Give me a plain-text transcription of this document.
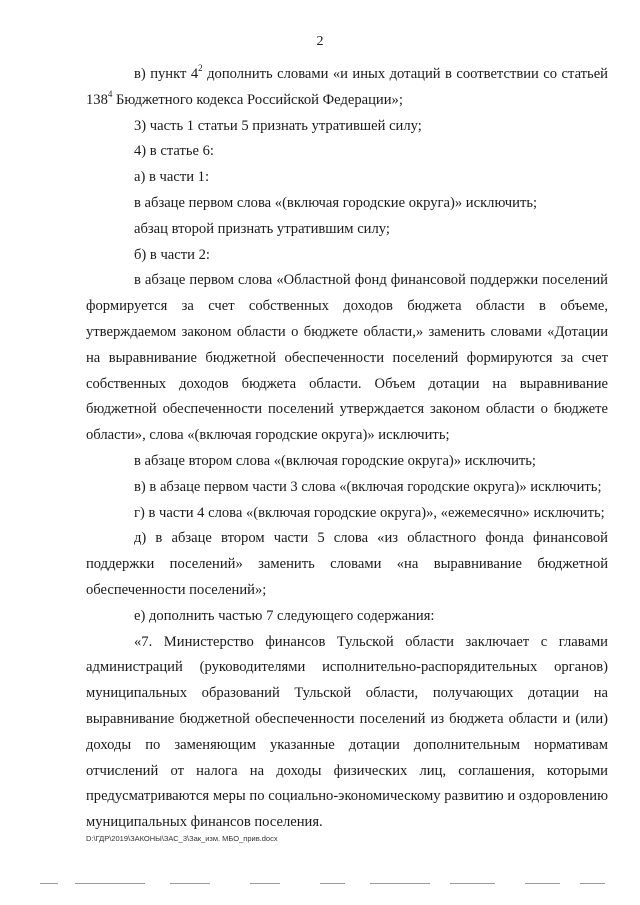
2

в) пункт $4^2$ дополнить словами «и иных дотаций в соответствии со статьей $138^4$ Бюджетного кодекса Российской Федерации»;

3) часть 1 статьи 5 признать утратившей силу;

4) в статье 6:

а) в части 1:

в абзаце первом слова «(включая городские округа)» исключить;

абзац второй признать утратившим силу;

б) в части 2:

в абзаце первом слова «Областной фонд финансовой поддержки поселений формируется за счет собственных доходов бюджета области в объеме, утверждаемом законом области о бюджете области,» заменить словами «Дотации на выравнивание бюджетной обеспеченности поселений формируются за счет собственных доходов бюджета области. Объем дотации на выравнивание бюджетной обеспеченности поселений утверждается законом области о бюджете области», слова «(включая городские округа)» исключить;

в абзаце втором слова «(включая городские округа)» исключить;

в) в абзаце первом части 3 слова «(включая городские округа)» исключить;

г) в части 4 слова «(включая городские округа)», «ежемесячно» исключить;

д) в абзаце втором части 5 слова «из областного фонда финансовой поддержки поселений» заменить словами «на выравнивание бюджетной обеспеченности поселений»;

е) дополнить частью 7 следующего содержания:

«7. Министерство финансов Тульской области заключает с главами администраций (руководителями исполнительно-распорядительных органов) муниципальных образований Тульской области, получающих дотации на выравнивание бюджетной обеспеченности поселений из бюджета области и (или) доходы по заменяющим указанные дотации дополнительным нормативам отчислений от налога на доходы физических лиц, соглашения, которыми предусматриваются меры по социально-экономическому развитию и оздоровлению муниципальных финансов поселения.

D:\ГДР\2019\ЗАКОНЫ\ЗАС_3\Зак_изм. МБО_прив.docx
